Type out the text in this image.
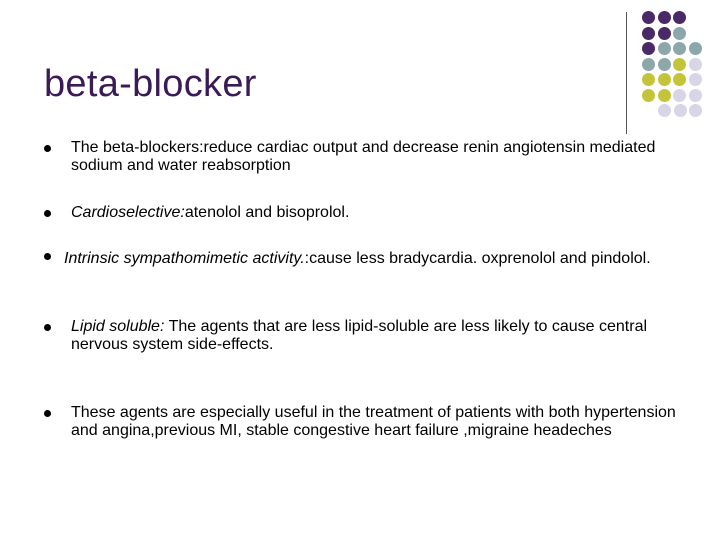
beta-blocker
The beta-blockers:reduce cardiac output and decrease renin angiotensin mediated sodium and water reabsorption
Cardioselective:atenolol and bisoprolol.
Intrinsic sympathomimetic activity.:cause less bradycardia. oxprenolol and pindolol.
Lipid soluble: The agents that are less lipid-soluble are less likely to cause central nervous system side-effects.
These agents are especially useful in the treatment of patients with both hypertension and angina,previous MI, stable congestive heart failure ,migraine headeches
